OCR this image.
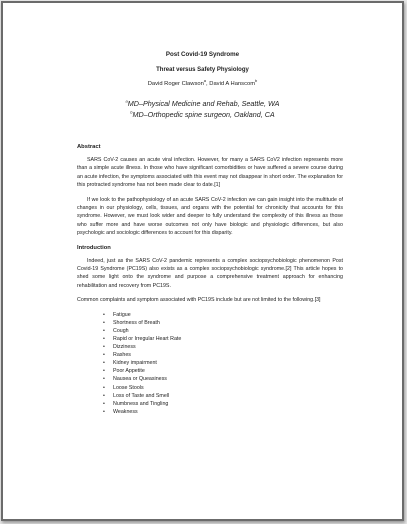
Post Covid-19 Syndrome
Threat versus Safety Physiology
David Roger Clawson$^a$, David A Hanscom$^b$
$^a$MD–Physical Medicine and Rehab, Seattle, WA
$^b$MD–Orthopedic spine surgeon, Oakland, CA
Abstract

SARS CoV-2 causes an acute viral infection. However, for many a SARS CoV2 infection represents more than a simple acute illness. In those who have significant comorbidities or have suffered a severe course during an acute infection, the symptoms associated with this event may not disappear in short order. The explanation for this protracted syndrome has not been made clear to date.[1]

If we look to the pathophysiology of an acute SARS CoV-2 infection we can gain insight into the multitude of changes in our physiology, cells, tissues, and organs with the potential for chronicity that accounts for this syndrome. However, we must look wider and deeper to fully understand the complexity of this illness as those who suffer more and have worse outcomes not only have biologic and physiologic differences, but also psychologic and sociologic differences to account for this disparity.

Introduction

Indeed, just as the SARS CoV-2 pandemic represents a complex sociopsychobiologic phenomenon Post Covid-19 Syndrome (PC19S) also exists as a complex sociopsychobiologic syndrome.[2] This article hopes to shed some light onto the syndrome and purpose a comprehensive treatment approach for enhancing rehabilitation and recovery from PC19S.

Common complaints and symptom associated with PC19S include but are not limited to the following.[3]

• Fatigue
• Shortness of Breath
• Cough
• Rapid or Irregular Heart Rate
• Dizziness
• Rashes
• Kidney impairment
• Poor Appetite
• Nausea or Queasiness
• Loose Stools
• Loss of Taste and Smell
• Numbness and Tingling
• Weakness
